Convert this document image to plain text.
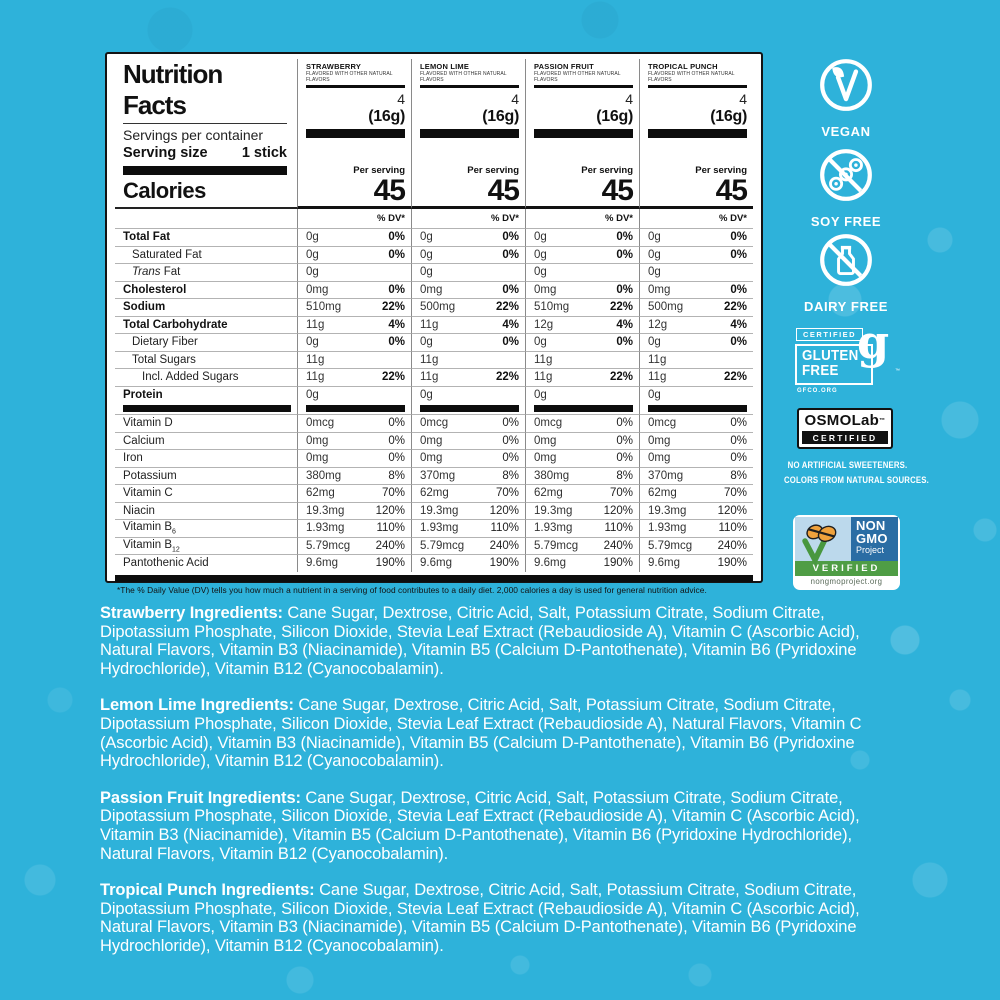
Nutrition Facts
Servings per container
Serving size 1 stick
Calories
STRAWBERRY
FLAVORED WITH OTHER NATURAL FLAVORS
4
(16g)
Per serving
45
LEMON LIME
FLAVORED WITH OTHER NATURAL FLAVORS
4
(16g)
Per serving
45
PASSION FRUIT
FLAVORED WITH OTHER NATURAL FLAVORS
4
(16g)
Per serving
45
TROPICAL PUNCH
FLAVORED WITH OTHER NATURAL FLAVORS
4
(16g)
Per serving
45
% DV*	% DV*	% DV*	% DV*
Total Fat	0g	0% 0g	0% 0g	0% 0g	0%
Saturated Fat	0g	0% 0g	0% 0g	0% 0g	0%
Trans Fat	0g	0g	0g	0g
Cholesterol	0mg	0% 0mg	0% 0mg	0% 0mg	0%
Sodium	510mg	22% 500mg	22% 510mg	22% 500mg	22%
Total Carbohydrate	11g	4% 11g	4% 12g	4% 12g	4%
Dietary Fiber	0g	0% 0g	0% 0g	0% 0g	0%
Total Sugars	11g	11g	11g	11g
Incl. Added Sugars	11g	22% 11g	22% 11g	22% 11g	22%
Protein	0g	0g	0g	0g
Vitamin D	0mcg	0% 0mcg	0% 0mcg	0% 0mcg	0%
Calcium	0mg	0% 0mg	0% 0mg	0% 0mg	0%
Iron	0mg	0% 0mg	0% 0mg	0% 0mg	0%
Potassium	380mg	8% 370mg	8% 380mg	8% 370mg	8%
Vitamin C	62mg	70% 62mg	70% 62mg	70% 62mg	70%
Niacin	19.3mg	120% 19.3mg	120% 19.3mg	120% 19.3mg	120%
Vitamin $B_6$	1.93mg	110% 1.93mg	110% 1.93mg	110% 1.93mg	110%
Vitamin $B_{12}$	5.79mcg 240% 5.79mcg 240% 5.79mcg 240% 5.79mcg 240%
Pantothenic Acid	9.6mg	190% 9.6mg	190% 9.6mg	190% 9.6mg	190%
*The % Daily Value (DV) tells you how much a nutrient in a serving of food contributes to a daily diet. 2,000 calories a day is used for general nutrition advice.
VEGAN
SOY FREE
DAIRY FREE
CERTIFIED
GLUTEN
FREE
g
™
GFCO.ORG
OSMOLab™
CERTIFIED
NO ARTIFICIAL SWEETENERS.
COLORS FROM NATURAL SOURCES.
NON
GMO
Project
VERIFIED
nongmoproject.org

Strawberry Ingredients: Cane Sugar, Dextrose, Citric Acid, Salt, Potassium Citrate, Sodium Citrate, Dipotassium Phosphate, Silicon Dioxide, Stevia Leaf Extract (Rebaudioside A), Vitamin C (Ascorbic Acid), Natural Flavors, Vitamin B3 (Niacinamide), Vitamin B5 (Calcium D-Pantothenate), Vitamin B6 (Pyridoxine Hydrochloride), Vitamin B12 (Cyanocobalamin).

Lemon Lime Ingredients: Cane Sugar, Dextrose, Citric Acid, Salt, Potassium Citrate, Sodium Citrate, Dipotassium Phosphate, Silicon Dioxide, Stevia Leaf Extract (Rebaudioside A), Natural Flavors, Vitamin C (Ascorbic Acid), Vitamin B3 (Niacinamide), Vitamin B5 (Calcium D-Pantothenate), Vitamin B6 (Pyridoxine Hydrochloride), Vitamin B12 (Cyanocobalamin).

Passion Fruit Ingredients: Cane Sugar, Dextrose, Citric Acid, Salt, Potassium Citrate, Sodium Citrate, Dipotassium Phosphate, Silicon Dioxide, Stevia Leaf Extract (Rebaudioside A), Vitamin C (Ascorbic Acid), Vitamin B3 (Niacinamide), Vitamin B5 (Calcium D-Pantothenate), Vitamin B6 (Pyridoxine Hydrochloride), Natural Flavors, Vitamin B12 (Cyanocobalamin).

Tropical Punch Ingredients: Cane Sugar, Dextrose, Citric Acid, Salt, Potassium Citrate, Sodium Citrate, Dipotassium Phosphate, Silicon Dioxide, Stevia Leaf Extract (Rebaudioside A), Vitamin C (Ascorbic Acid), Natural Flavors, Vitamin B3 (Niacinamide), Vitamin B5 (Calcium D-Pantothenate), Vitamin B6 (Pyridoxine Hydrochloride), Vitamin B12 (Cyanocobalamin).
